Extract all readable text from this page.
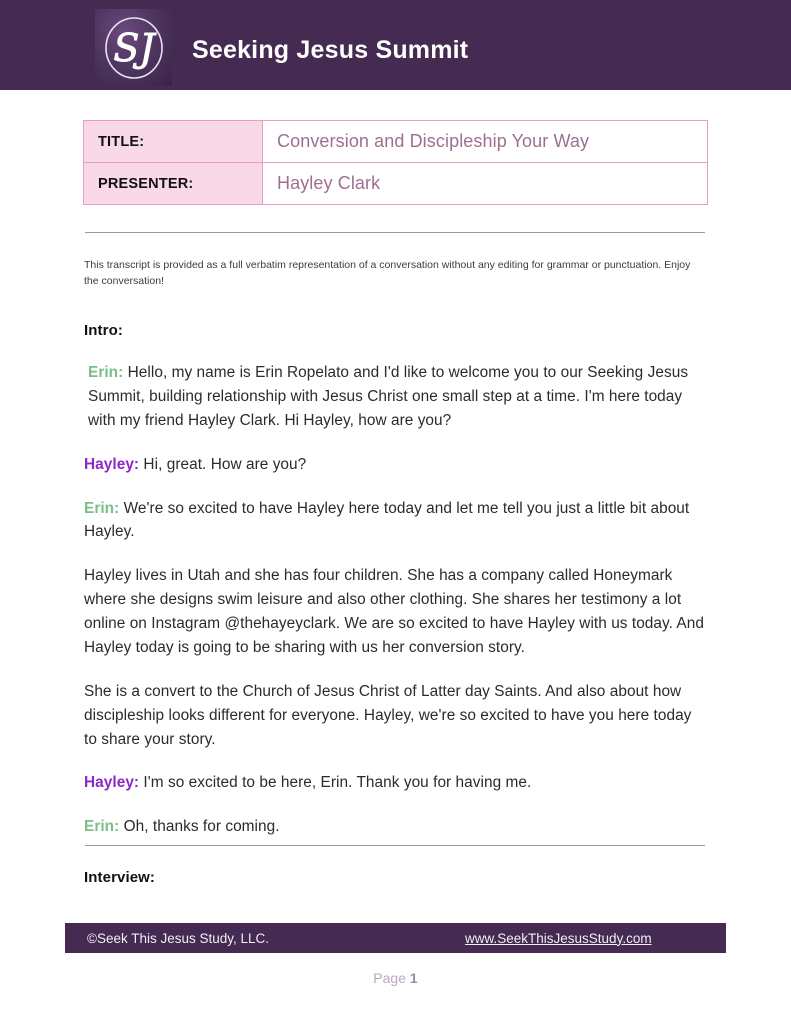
SJ Seeking Jesus Summit
TITLE:	Conversion and Discipleship Your Way
PRESENTER:	Hayley Clark
This transcript is provided as a full verbatim representation of a conversation without any editing for grammar or punctuation. Enjoy the conversation!
Intro:

Erin: Hello, my name is Erin Ropelato and I'd like to welcome you to our Seeking Jesus Summit, building relationship with Jesus Christ one small step at a time. I'm here today with my friend Hayley Clark. Hi Hayley, how are you?

Hayley: Hi, great. How are you?

Erin: We're so excited to have Hayley here today and let me tell you just a little bit about Hayley.

Hayley lives in Utah and she has four children. She has a company called Honeymark where she designs swim leisure and also other clothing. She shares her testimony a lot online on Instagram @thehayeyclark. We are so excited to have Hayley with us today. And Hayley today is going to be sharing with us her conversion story.

She is a convert to the Church of Jesus Christ of Latter day Saints. And also about how discipleship looks different for everyone. Hayley, we're so excited to have you here today to share your story.

Hayley: I'm so excited to be here, Erin. Thank you for having me.

Erin: Oh, thanks for coming.

Interview:
©Seek This Jesus Study, LLC.	www.SeekThisJesusStudy.com
Page 1
